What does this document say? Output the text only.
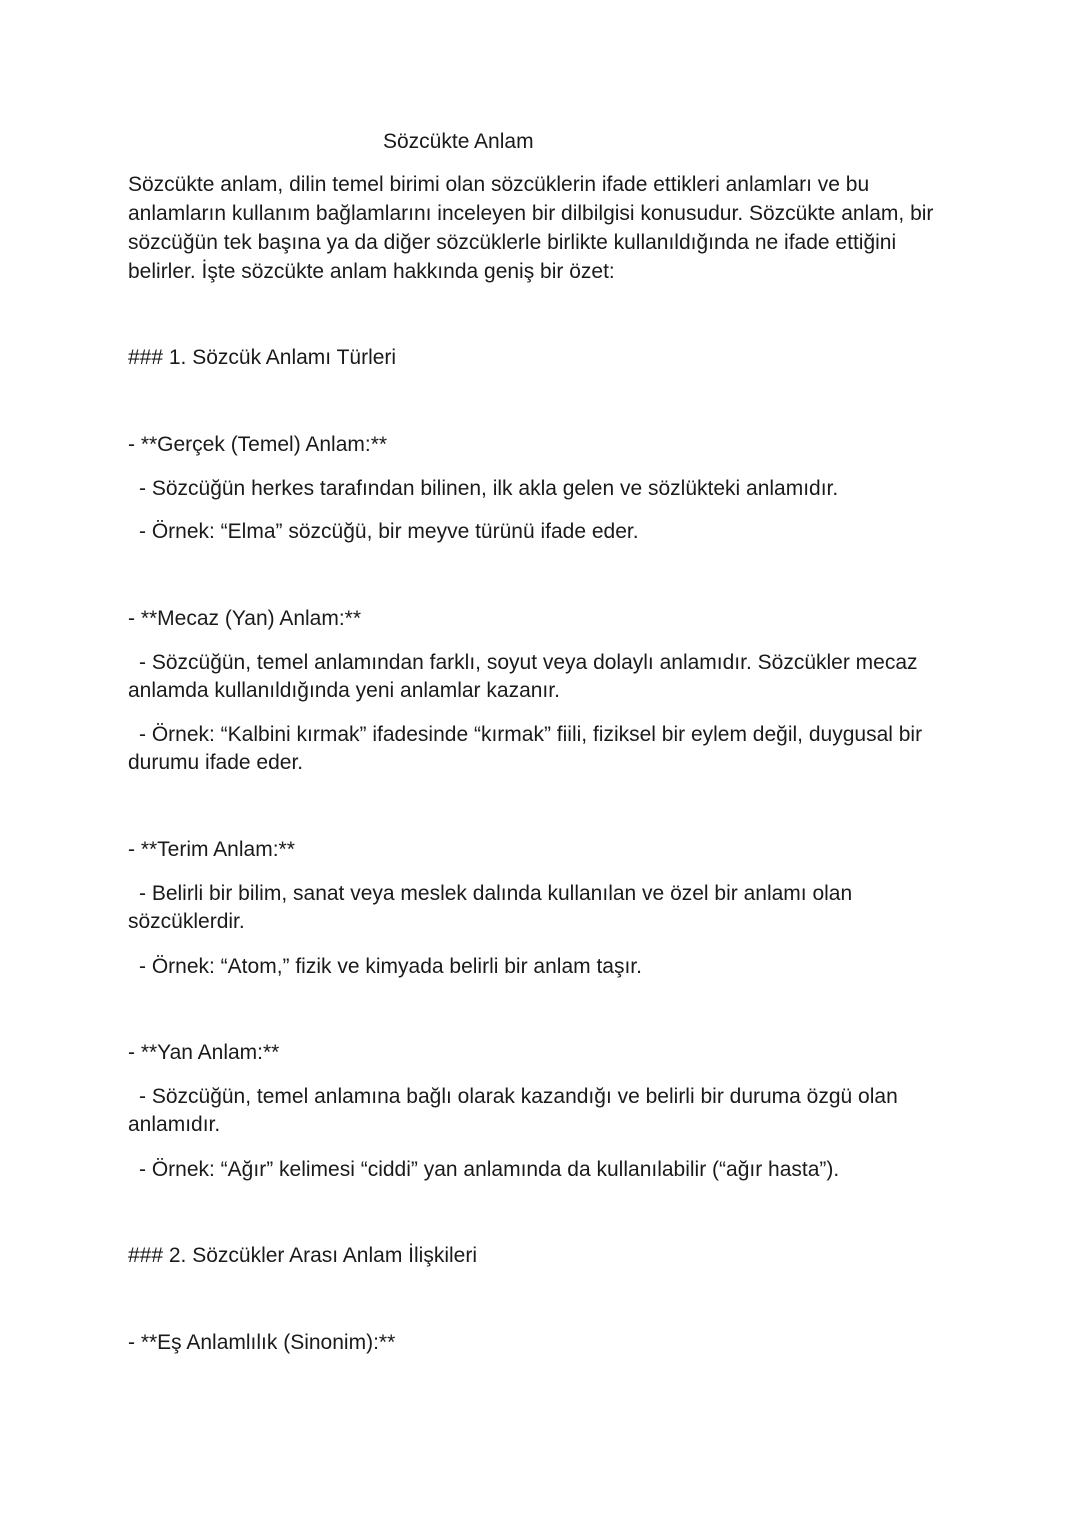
Sözcükte Anlam
Sözcükte anlam, dilin temel birimi olan sözcüklerin ifade ettikleri anlamları ve bu anlamların kullanım bağlamlarını inceleyen bir dilbilgisi konusudur. Sözcükte anlam, bir sözcüğün tek başına ya da diğer sözcüklerle birlikte kullanıldığında ne ifade ettiğini belirler. İşte sözcükte anlam hakkında geniş bir özet:
### 1. Sözcük Anlamı Türleri
- **Gerçek (Temel) Anlam:**
- Sözcüğün herkes tarafından bilinen, ilk akla gelen ve sözlükteki anlamıdır.
- Örnek: “Elma” sözcüğü, bir meyve türünü ifade eder.
- **Mecaz (Yan) Anlam:**
- Sözcüğün, temel anlamından farklı, soyut veya dolaylı anlamıdır. Sözcükler mecaz anlamda kullanıldığında yeni anlamlar kazanır.
- Örnek: “Kalbini kırmak” ifadesinde “kırmak” fiili, fiziksel bir eylem değil, duygusal bir durumu ifade eder.
- **Terim Anlam:**
- Belirli bir bilim, sanat veya meslek dalında kullanılan ve özel bir anlamı olan sözcüklerdir.
- Örnek: “Atom,” fizik ve kimyada belirli bir anlam taşır.
- **Yan Anlam:**
- Sözcüğün, temel anlamına bağlı olarak kazandığı ve belirli bir duruma özgü olan anlamıdır.
- Örnek: “Ağır” kelimesi “ciddi” yan anlamında da kullanılabilir (“ağır hasta”).
### 2. Sözcükler Arası Anlam İlişkileri
- **Eş Anlamlılık (Sinonim):**
